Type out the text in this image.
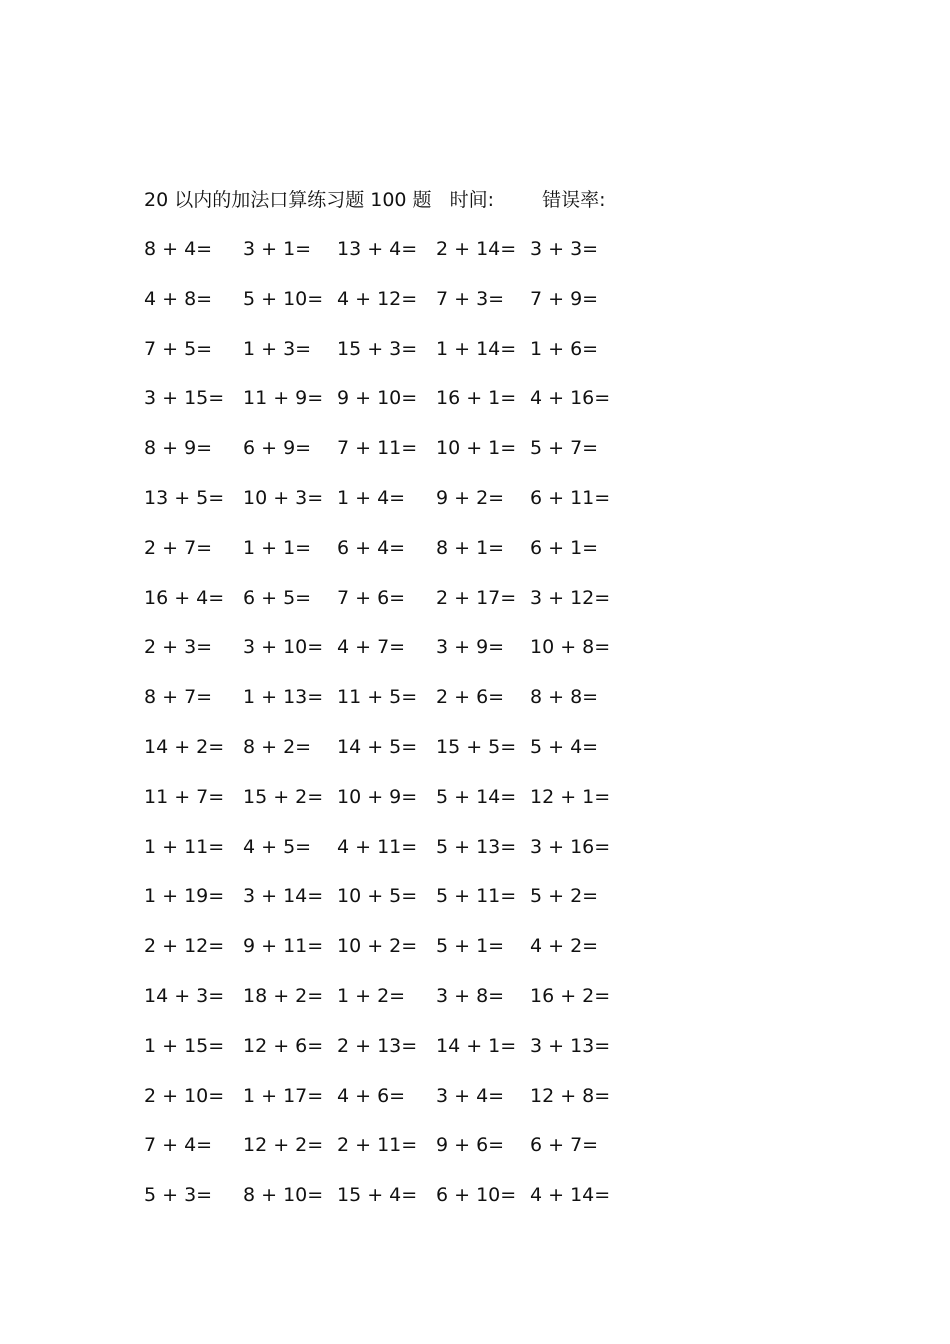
20 以内的加法口算练习题 100 题 时间:	错误率:
8 + 4=	3 + 1=	13 + 4= 2 + 14= 3 + 3=
4 + 8=	5 + 10= 4 + 12= 7 + 3=	7 + 9=
7 + 5=	1 + 3=	15 + 3= 1 + 14= 1 + 6=
3 + 15= 11 + 9= 9 + 10= 16 + 1= 4 + 16=
8 + 9=	6 + 9=	7 + 11= 10 + 1= 5 + 7=
13 + 5= 10 + 3= 1 + 4=	9 + 2=	6 + 11=
2 + 7=	1 + 1=	6 + 4=	8 + 1=	6 + 1=
16 + 4= 6 + 5=	7 + 6=	2 + 17= 3 + 12=
2 + 3=	3 + 10= 4 + 7=	3 + 9=	10 + 8=
8 + 7=	1 + 13= 11 + 5= 2 + 6=	8 + 8=
14 + 2= 8 + 2=	14 + 5= 15 + 5= 5 + 4=
11 + 7= 15 + 2= 10 + 9= 5 + 14= 12 + 1=
1 + 11= 4 + 5=	4 + 11= 5 + 13= 3 + 16=
1 + 19= 3 + 14= 10 + 5= 5 + 11= 5 + 2=
2 + 12= 9 + 11= 10 + 2= 5 + 1=	4 + 2=
14 + 3= 18 + 2= 1 + 2=	3 + 8=	16 + 2=
1 + 15= 12 + 6= 2 + 13= 14 + 1= 3 + 13=
2 + 10= 1 + 17= 4 + 6=	3 + 4=	12 + 8=
7 + 4=	12 + 2= 2 + 11= 9 + 6=	6 + 7=
5 + 3=	8 + 10= 15 + 4= 6 + 10= 4 + 14=
